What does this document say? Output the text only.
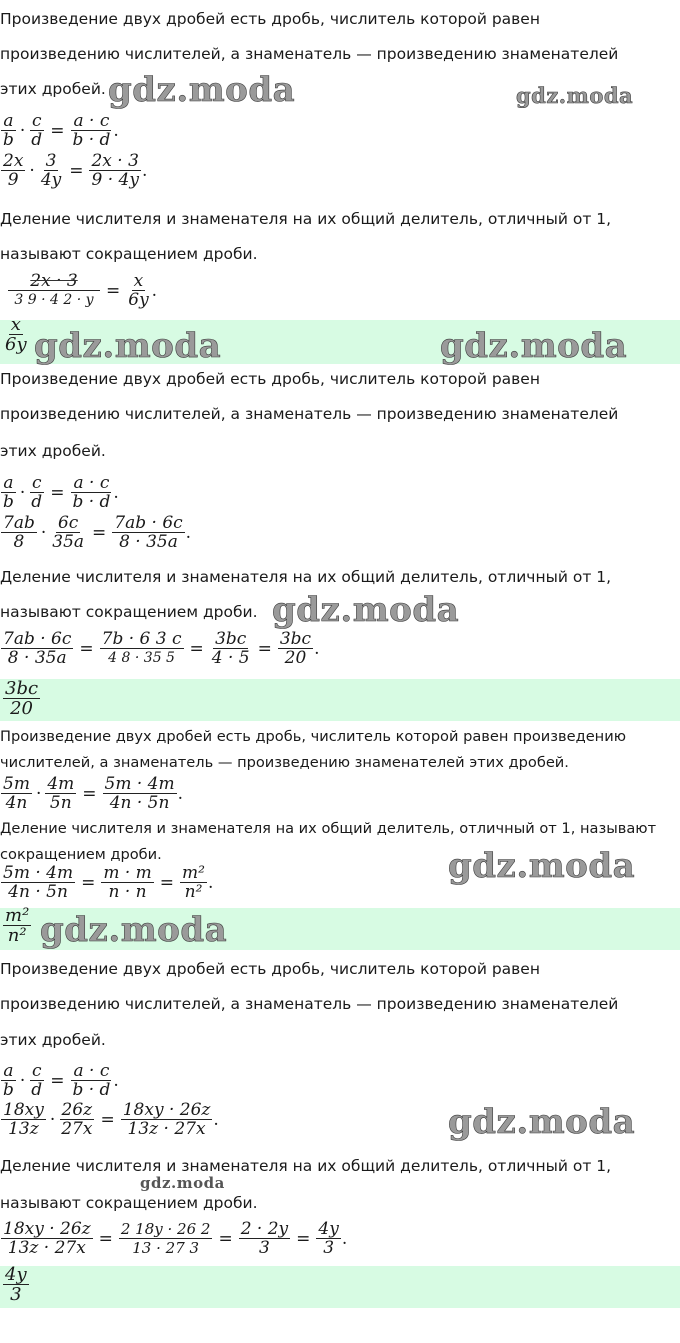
Произведение двух дробей есть дробь, числитель которой равен
произведению числителей, а знаменатель — произведению знаменателей
этих дробей. gdz.moda	gdz.moda
$\frac{a}{b} \cdot \frac{c}{d} = \frac{a \cdot c}{b \cdot d}$ .
$\frac{2x}{9} \cdot \frac{3}{4y} = \frac{2x \cdot 3}{9 \cdot 4y}$ .
Деление числителя и знаменателя на их общий делитель, отличный от 1,
называют сокращением дроби.
$\frac{2x \cdot 3}{3 9 \cdot 4 2 \cdot y} = \frac{x}{6y}$ .
$\frac{x}{6y}$ gdz.moda	gdz.moda
Произведение двух дробей есть дробь, числитель которой равен
произведению числителей, а знаменатель — произведению знаменателей
этих дробей.
$\frac{a}{b} \cdot \frac{c}{d} = \frac{a \cdot c}{b \cdot d}$ .
$\frac{7ab}{8} \cdot \frac{6c}{35a} = \frac{7ab \cdot 6c}{8 \cdot 35a}$ .
Деление числителя и знаменателя на их общий делитель, отличный от 1,
называют сокращением дроби. gdz.moda
$\frac{7ab \cdot 6c}{8 \cdot 35a} = \frac{7b \cdot 6 3 c}{4 8 \cdot 35 5} = \frac{3bc}{4 \cdot 5} = \frac{3bc}{20}$ .
$\frac{3bc}{20}$
Произведение двух дробей есть дробь, числитель которой равен произведению числителей, а знаменатель — произведению знаменателей этих дробей.
$\frac{5m}{4n} \cdot \frac{4m}{5n} = \frac{5m \cdot 4m}{4n \cdot 5n}$ .
Деление числителя и знаменателя на их общий делитель, отличный от 1, называют сокращением дроби.	gdz.moda
$\frac{5m \cdot 4m}{4n \cdot 5n} = \frac{m \cdot m}{n \cdot n} = \frac{\text{m²}}{\text{n²}}$ .
$\frac{\text{m²}}{\text{n²}}$ gdz.moda
Произведение двух дробей есть дробь, числитель которой равен
произведению числителей, а знаменатель — произведению знаменателей
этих дробей.
$\frac{a}{b} \cdot \frac{c}{d} = \frac{a \cdot c}{b \cdot d}$ .
$\frac{18xy}{13z} \cdot \frac{26z}{27x} = \frac{18xy \cdot 26z}{13z \cdot 27x}$ .	gdz.moda
Деление числителя и знаменателя на их общий делитель, отличный от 1,
gdz.moda
называют сокращением дроби.
$\frac{18xy \cdot 26z}{13z \cdot 27x} = \frac{2 18y \cdot 26 2}{13 \cdot 27 3} = \frac{2 \cdot 2y}{3} = \frac{4y}{3}$ .
$\frac{4y}{3}$
